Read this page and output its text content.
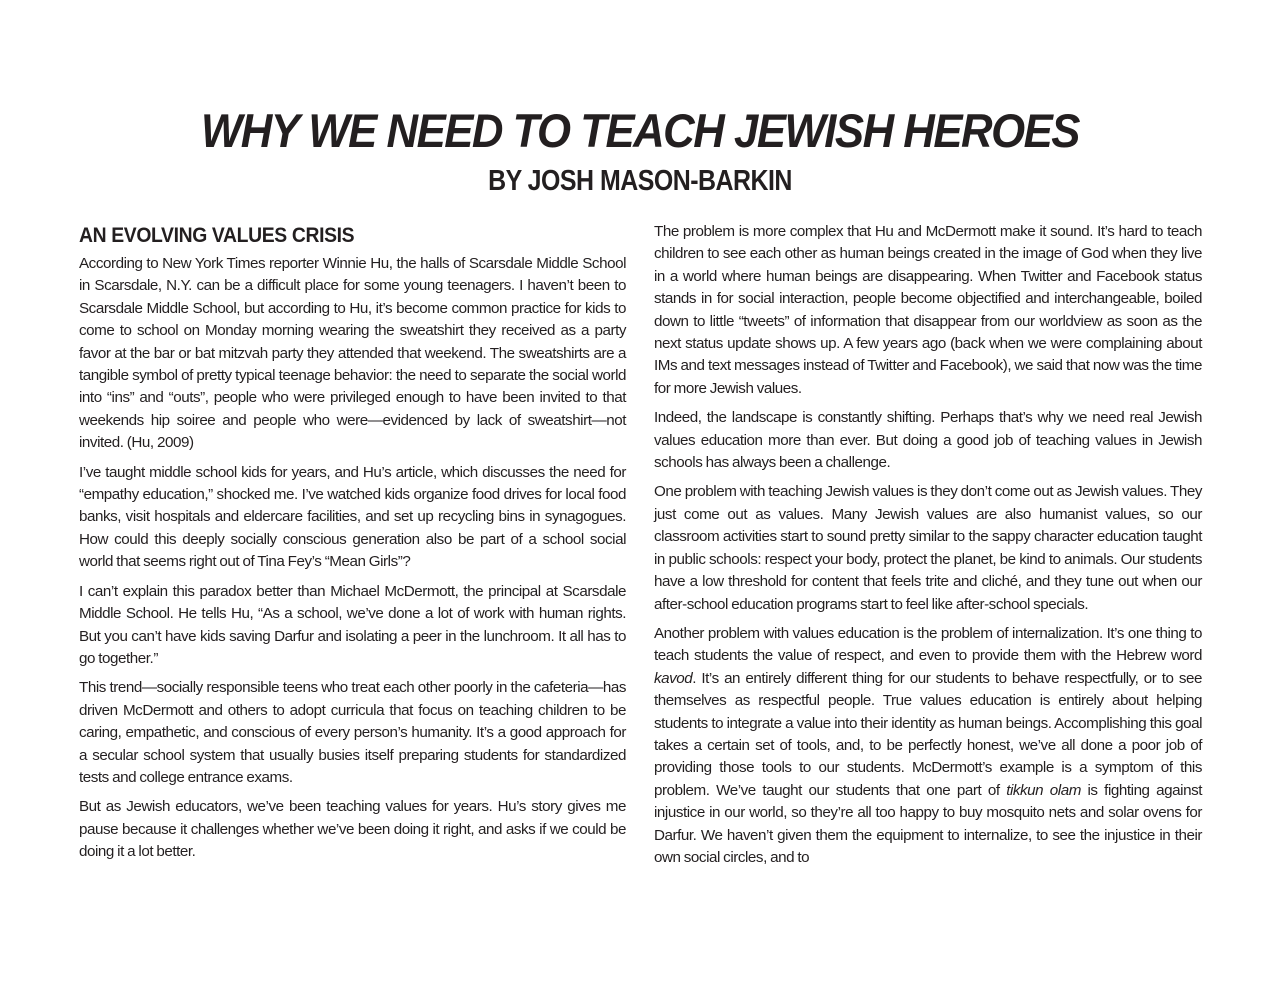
WHY WE NEED TO TEACH JEWISH HEROES
BY JOSH MASON-BARKIN
AN EVOLVING VALUES CRISIS

According to New York Times reporter Winnie Hu, the halls of Scarsdale Middle School in Scarsdale, N.Y. can be a difficult place for some young teenagers. I haven’t been to Scarsdale Middle School, but according to Hu, it’s become common practice for kids to come to school on Monday morning wearing the sweatshirt they received as a party favor at the bar or bat mitzvah party they attended that weekend. The sweatshirts are a tangible symbol of pretty typical teenage behavior: the need to separate the social world into “ins” and “outs”, people who were privileged enough to have been invited to that weekends hip soiree and people who were—evidenced by lack of sweatshirt—not invited. (Hu, 2009)

I’ve taught middle school kids for years, and Hu’s article, which discusses the need for “empathy education,” shocked me. I’ve watched kids organize food drives for local food banks, visit hospitals and eldercare facilities, and set up recycling bins in synagogues. How could this deeply socially conscious generation also be part of a school social world that seems right out of Tina Fey’s “Mean Girls”?

I can’t explain this paradox better than Michael McDermott, the principal at Scarsdale Middle School. He tells Hu, “As a school, we’ve done a lot of work with human rights. But you can’t have kids saving Darfur and isolating a peer in the lunchroom. It all has to go together.”

This trend—socially responsible teens who treat each other poorly in the cafeteria—has driven McDermott and others to adopt curricula that focus on teaching children to be caring, empathetic, and conscious of every person’s humanity. It’s a good approach for a secular school system that usually busies itself preparing students for standardized tests and college entrance exams.

But as Jewish educators, we’ve been teaching values for years. Hu’s story gives me pause because it challenges whether we’ve been doing it right, and asks if we could be doing it a lot better.

The problem is more complex that Hu and McDermott make it sound. It’s hard to teach children to see each other as human beings created in the image of God when they live in a world where human beings are disappearing. When Twitter and Facebook status stands in for social interaction, people become objectified and interchangeable, boiled down to little “tweets” of information that disappear from our worldview as soon as the next status update shows up. A few years ago (back when we were complaining about IMs and text messages instead of Twitter and Facebook), we said that now was the time for more Jewish values.

Indeed, the landscape is constantly shifting. Perhaps that’s why we need real Jewish values education more than ever. But doing a good job of teaching values in Jewish schools has always been a challenge.

One problem with teaching Jewish values is they don’t come out as Jewish values. They just come out as values. Many Jewish values are also humanist values, so our classroom activities start to sound pretty similar to the sappy character education taught in public schools: respect your body, protect the planet, be kind to animals. Our students have a low threshold for content that feels trite and cliché, and they tune out when our after-school education programs start to feel like after-school specials.

Another problem with values education is the problem of internalization. It’s one thing to teach students the value of respect, and even to provide them with the Hebrew word kavod. It’s an entirely different thing for our students to behave respectfully, or to see themselves as respectful people. True values education is entirely about helping students to integrate a value into their identity as human beings. Accomplishing this goal takes a certain set of tools, and, to be perfectly honest, we’ve all done a poor job of providing those tools to our students. McDermott’s example is a symptom of this problem. We’ve taught our students that one part of tikkun olam is fighting against injustice in our world, so they’re all too happy to buy mosquito nets and solar ovens for Darfur. We haven’t given them the equipment to internalize, to see the injustice in their own social circles, and to
